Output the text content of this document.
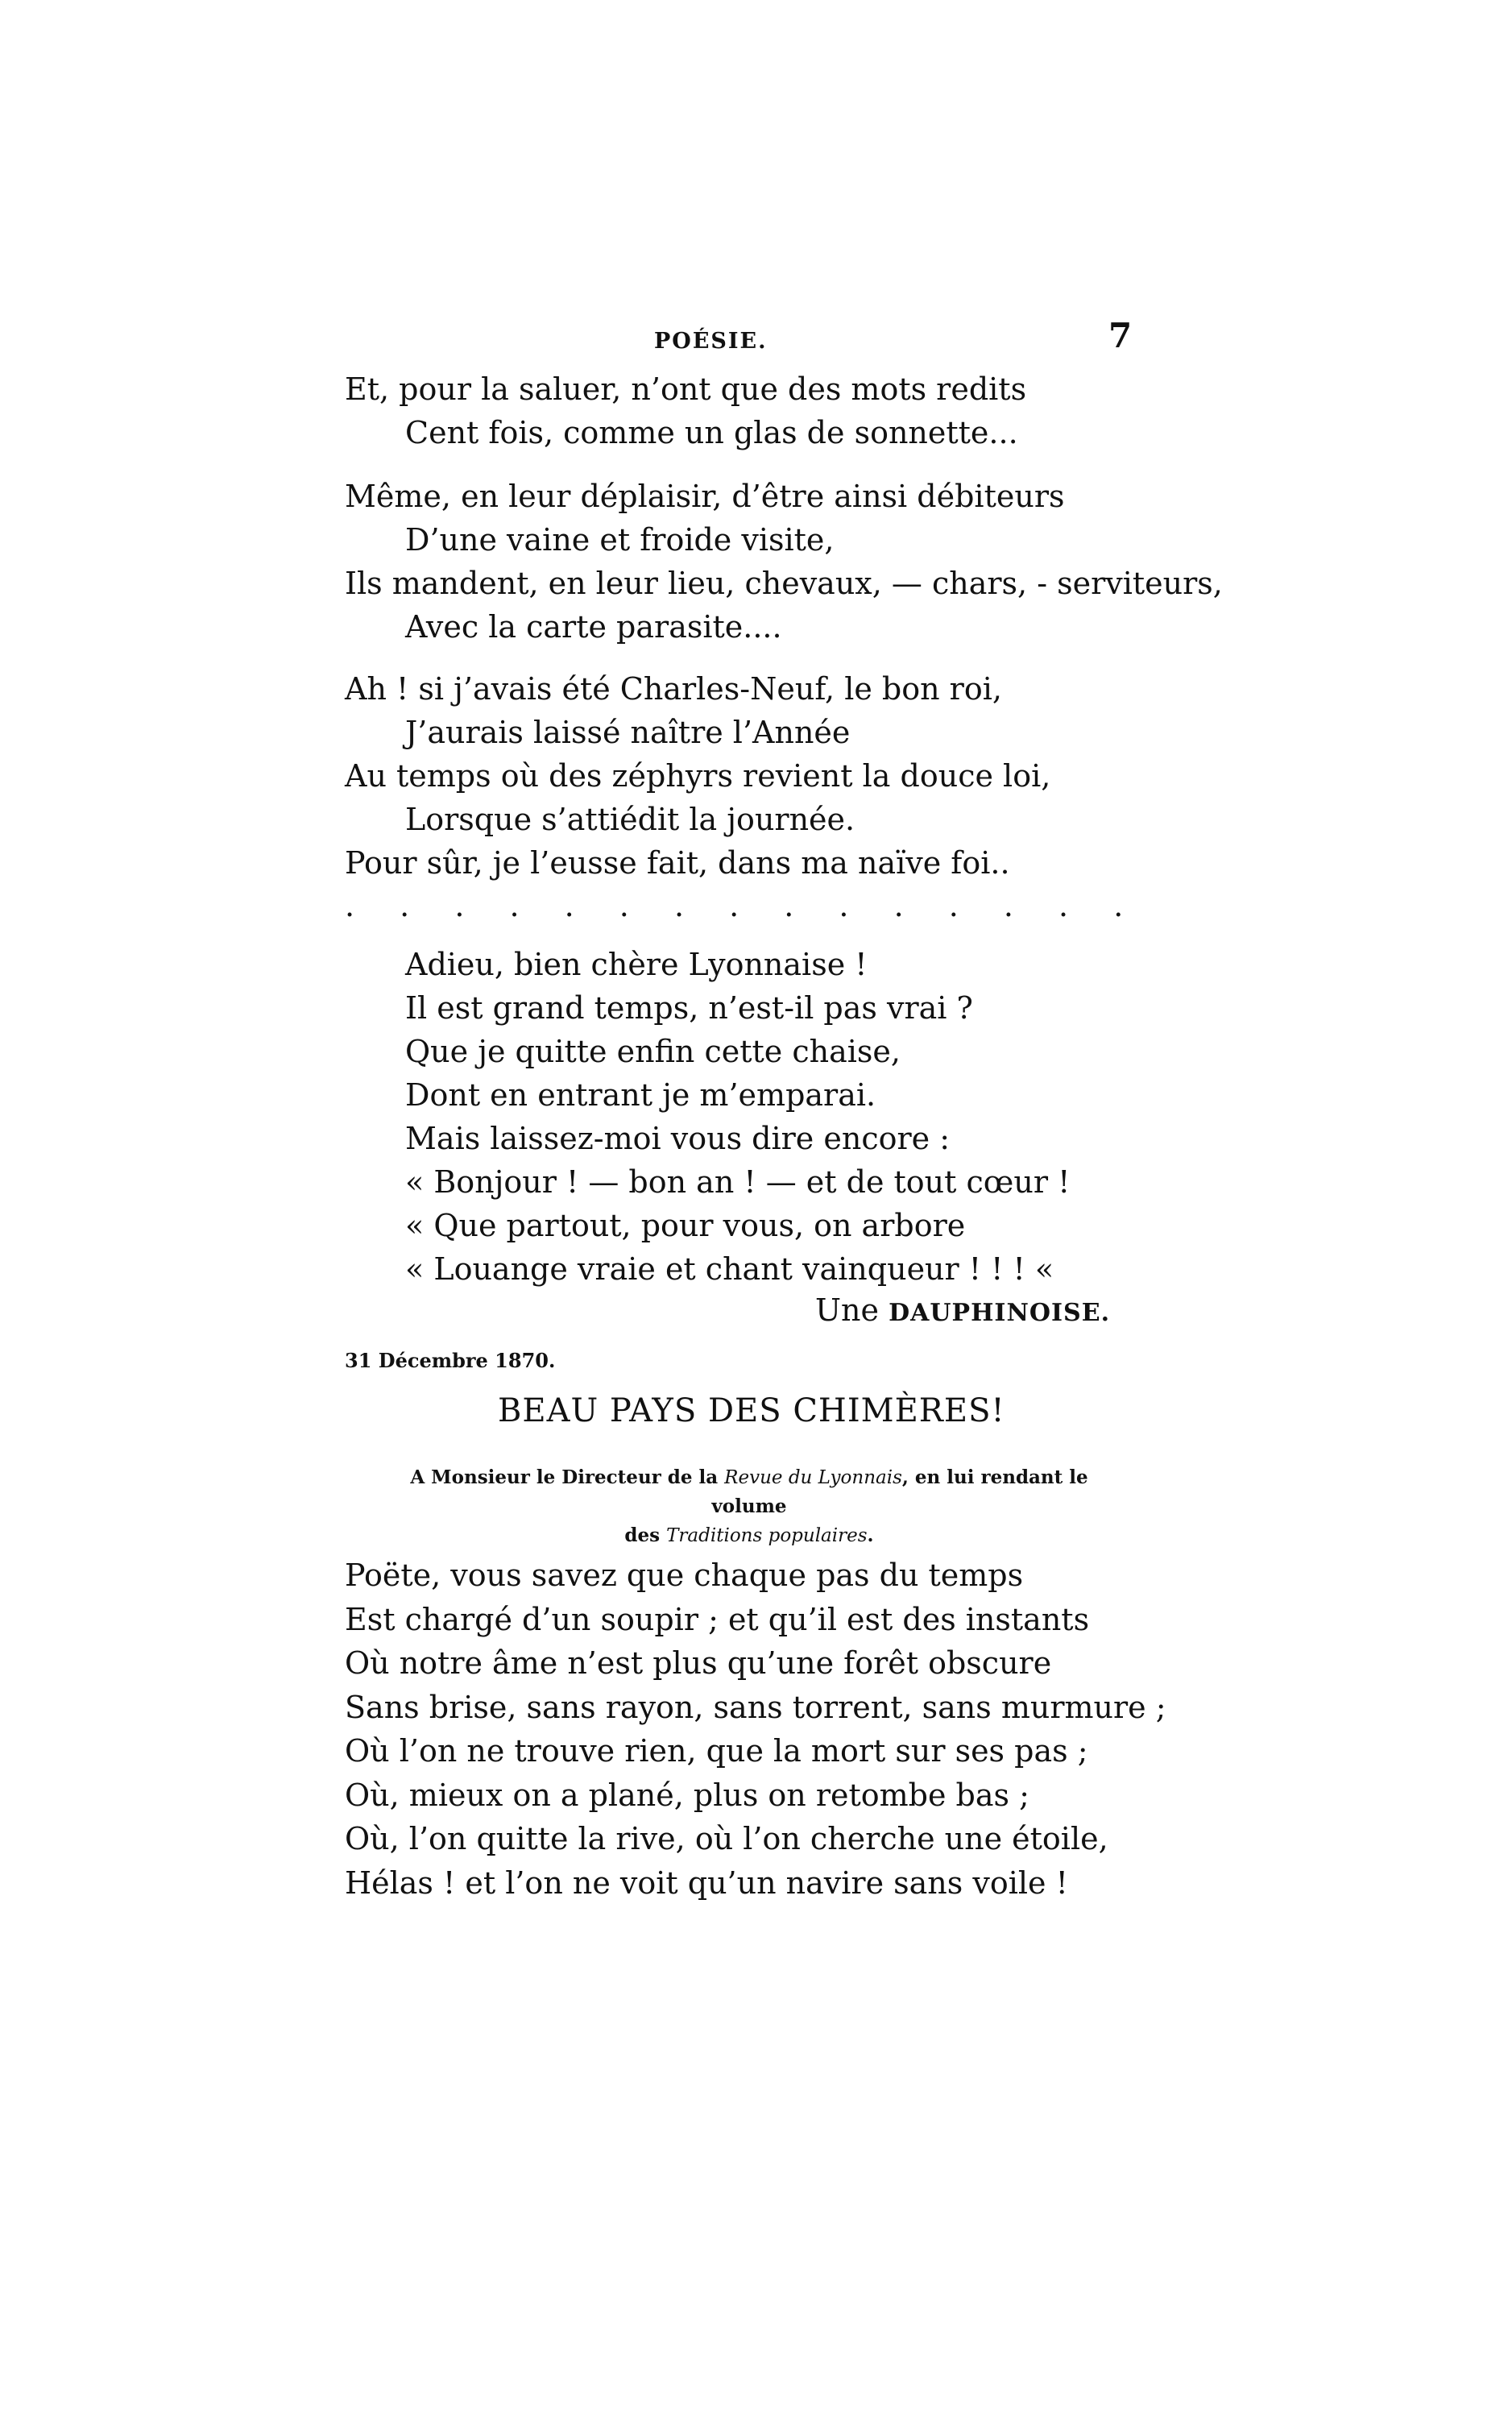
POÉSIE.	7
Et, pour la saluer, n’ont que des mots redits
Cent fois, comme un glas de sonnette...
Même, en leur déplaisir, d’être ainsi débiteurs
D’une vaine et froide visite,
Ils mandent, en leur lieu, chevaux, — chars, - serviteurs,
Avec la carte parasite....
Ah ! si j’avais été Charles-Neuf, le bon roi,
J’aurais laissé naître l’Année
Au temps où des zéphyrs revient la douce loi,
Lorsque s’attiédit la journée.
Pour sûr, je l’eusse fait, dans ma naïve foi..
. . . . . . . . . . . . . . .
Adieu, bien chère Lyonnaise !
Il est grand temps, n’est-il pas vrai ?
Que je quitte enfin cette chaise,
Dont en entrant je m’emparai.
Mais laissez-moi vous dire encore :
« Bonjour ! — bon an ! — et de tout cœur !
« Que partout, pour vous, on arbore
« Louange vraie et chant vainqueur ! ! ! «
Une DAUPHINOISE.
31 Décembre 1870.
BEAU PAYS DES CHIMÈRES!
A Monsieur le Directeur de la Revue du Lyonnais, en lui rendant le volume
des Traditions populaires.
Poëte, vous savez que chaque pas du temps
Est chargé d’un soupir ; et qu’il est des instants
Où notre âme n’est plus qu’une forêt obscure
Sans brise, sans rayon, sans torrent, sans murmure ;
Où l’on ne trouve rien, que la mort sur ses pas ;
Où, mieux on a plané, plus on retombe bas ;
Où, l’on quitte la rive, où l’on cherche une étoile,
Hélas ! et l’on ne voit qu’un navire sans voile !
